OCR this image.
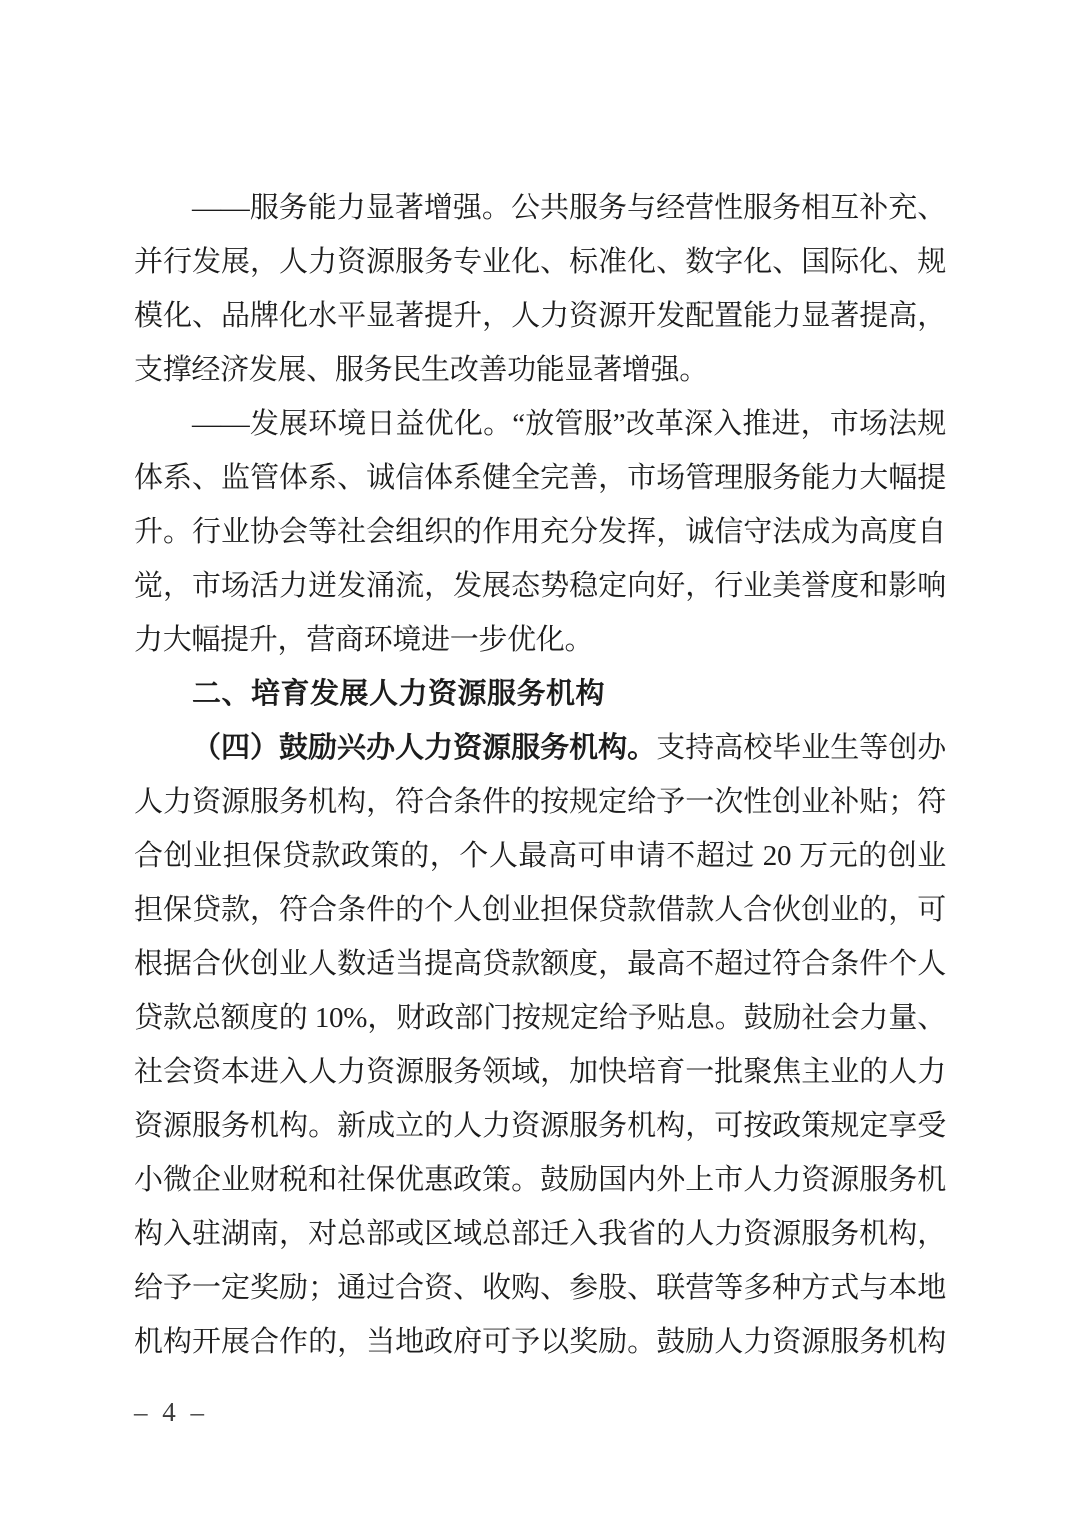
——服务能力显著增强。公共服务与经营性服务相互补充、
并行发展，人力资源服务专业化、标准化、数字化、国际化、规
模化、品牌化水平显著提升，人力资源开发配置能力显著提高，
支撑经济发展、服务民生改善功能显著增强。
——发展环境日益优化。“放管服”改革深入推进，市场法规
体系、监管体系、诚信体系健全完善，市场管理服务能力大幅提
升。行业协会等社会组织的作用充分发挥，诚信守法成为高度自
觉，市场活力迸发涌流，发展态势稳定向好，行业美誉度和影响
力大幅提升，营商环境进一步优化。
二、培育发展人力资源服务机构
（四）鼓励兴办人力资源服务机构。支持高校毕业生等创办
人力资源服务机构，符合条件的按规定给予一次性创业补贴；符
合创业担保贷款政策的，个人最高可申请不超过 20 万元的创业
担保贷款，符合条件的个人创业担保贷款借款人合伙创业的，可
根据合伙创业人数适当提高贷款额度，最高不超过符合条件个人
贷款总额度的 10%，财政部门按规定给予贴息。鼓励社会力量、
社会资本进入人力资源服务领域，加快培育一批聚焦主业的人力
资源服务机构。新成立的人力资源服务机构，可按政策规定享受
小微企业财税和社保优惠政策。鼓励国内外上市人力资源服务机
构入驻湖南，对总部或区域总部迁入我省的人力资源服务机构，
给予一定奖励；通过合资、收购、参股、联营等多种方式与本地
机构开展合作的，当地政府可予以奖励。鼓励人力资源服务机构
– 4 –
